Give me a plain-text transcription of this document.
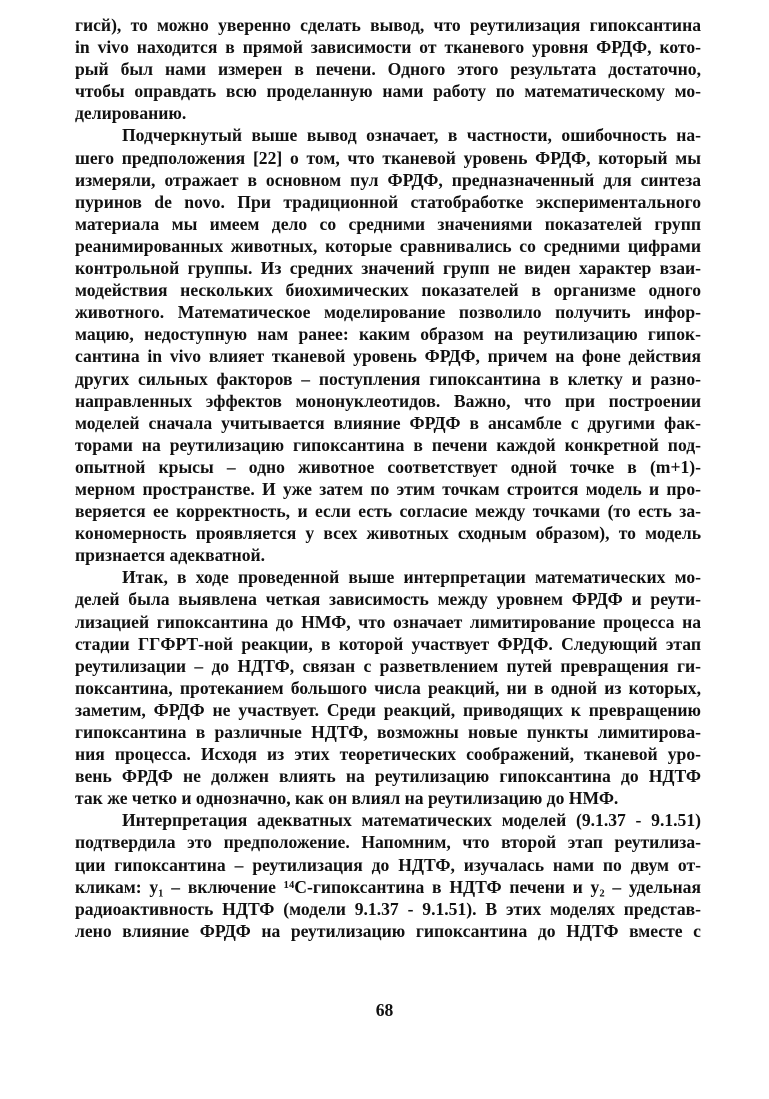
гисй), то можно уверенно сделать вывод, что реутилизация гипоксантина
in vivo находится в прямой зависимости от тканевого уровня ФРДФ, кото-
рый был нами измерен в печени. Одного этого результата достаточно,
чтобы оправдать всю проделанную нами работу по математическому мо-
делированию.
Подчеркнутый выше вывод означает, в частности, ошибочность на-
шего предположения [22] о том, что тканевой уровень ФРДФ, который мы
измеряли, отражает в основном пул ФРДФ, предназначенный для синтеза
пуринов de novo. При традиционной статобработке экспериментального
материала мы имеем дело со средними значениями показателей групп
реанимированных животных, которые сравнивались со средними цифрами
контрольной группы. Из средних значений групп не виден характер взаи-
модействия нескольких биохимических показателей в организме одного
животного. Математическое моделирование позволило получить инфор-
мацию, недоступную нам ранее: каким образом на реутилизацию гипок-
сантина in vivo влияет тканевой уровень ФРДФ, причем на фоне действия
других сильных факторов – поступления гипоксантина в клетку и разно-
направленных эффектов мононуклеотидов. Важно, что при построении
моделей сначала учитывается влияние ФРДФ в ансамбле с другими фак-
торами на реутилизацию гипоксантина в печени каждой конкретной под-
опытной крысы – одно животное соответствует одной точке в (m+1)-
мерном пространстве. И уже затем по этим точкам строится модель и про-
веряется ее корректность, и если есть согласие между точками (то есть за-
кономерность проявляется у всех животных сходным образом), то модель
признается адекватной.
Итак, в ходе проведенной выше интерпретации математических мо-
делей была выявлена четкая зависимость между уровнем ФРДФ и реути-
лизацией гипоксантина до НМФ, что означает лимитирование процесса на
стадии ГГФРТ-ной реакции, в которой участвует ФРДФ. Следующий этап
реутилизации – до НДТФ, связан с разветвлением путей превращения ги-
поксантина, протеканием большого числа реакций, ни в одной из которых,
заметим, ФРДФ не участвует. Среди реакций, приводящих к превращению
гипоксантина в различные НДТФ, возможны новые пункты лимитирова-
ния процесса. Исходя из этих теоретических соображений, тканевой уро-
вень ФРДФ не должен влиять на реутилизацию гипоксантина до НДТФ
так же четко и однозначно, как он влиял на реутилизацию до НМФ.
Интерпретация адекватных математических моделей (9.1.37 - 9.1.51)
подтвердила это предположение. Напомним, что второй этап реутилиза-
ции гипоксантина – реутилизация до НДТФ, изучалась нами по двум от-
кликам: y₁ – включение ¹⁴C-гипоксантина в НДТФ печени и y₂ – удельная
радиоактивность НДТФ (модели 9.1.37 - 9.1.51). В этих моделях представ-
лено влияние ФРДФ на реутилизацию гипоксантина до НДТФ вместе с
68
